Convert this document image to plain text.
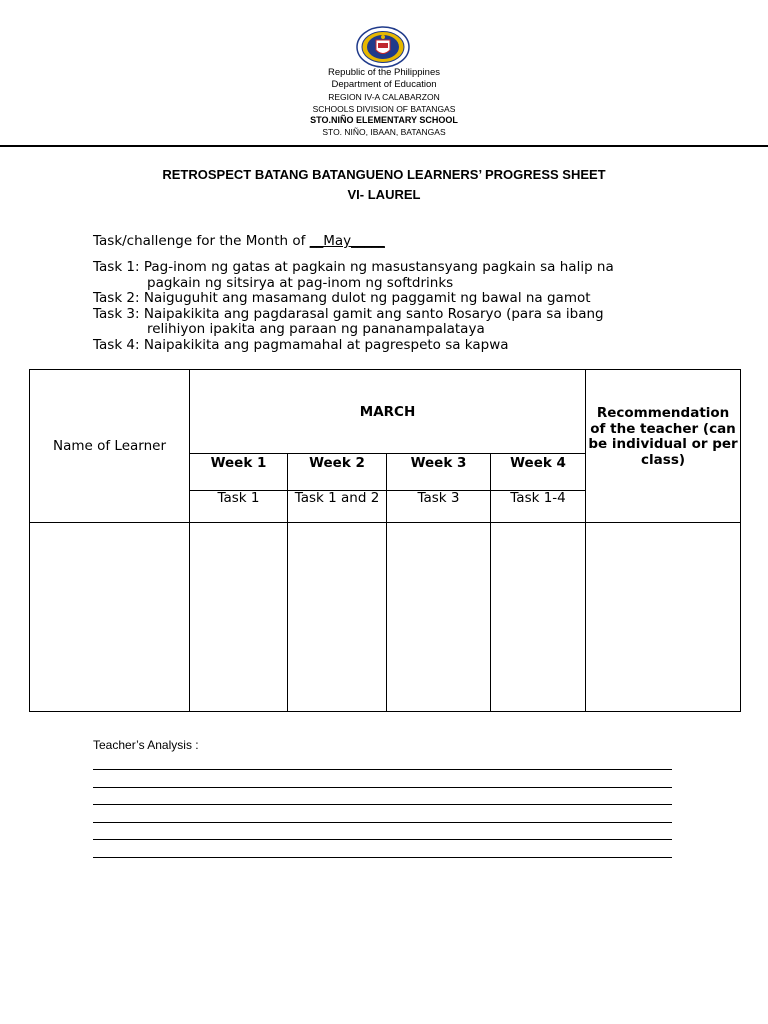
Republic of the Philippines
Department of Education
REGION IV-A CALABARZON
SCHOOLS DIVISION OF BATANGAS
STO.NIÑO ELEMENTARY SCHOOL
STO. NIÑO, IBAAN, BATANGAS
RETROSPECT BATANG BATANGUENO LEARNERS’ PROGRESS SHEET
VI- LAUREL
Task/challenge for the Month of __May_____
Task 1: Pag-inom ng gatas at pagkain ng masustansyang pagkain sa halip na
pagkain ng sitsirya at pag-inom ng softdrinks
Task 2: Naiguguhit ang masamang dulot ng paggamit ng bawal na gamot
Task 3: Naipakikita ang pagdarasal gamit ang santo Rosaryo (para sa ibang
relihiyon ipakita ang paraan ng pananampalataya
Task 4: Naipakikita ang pagmamahal at pagrespeto sa kapwa
Name of Learner	MARCH				Recommendation of the teacher (can be individual or per class)
	Week 1	Week 2	Week 3	Week 4	
	Task 1	Task 1 and 2	Task 3	Task 1-4	

Teacher’s Analysis :
